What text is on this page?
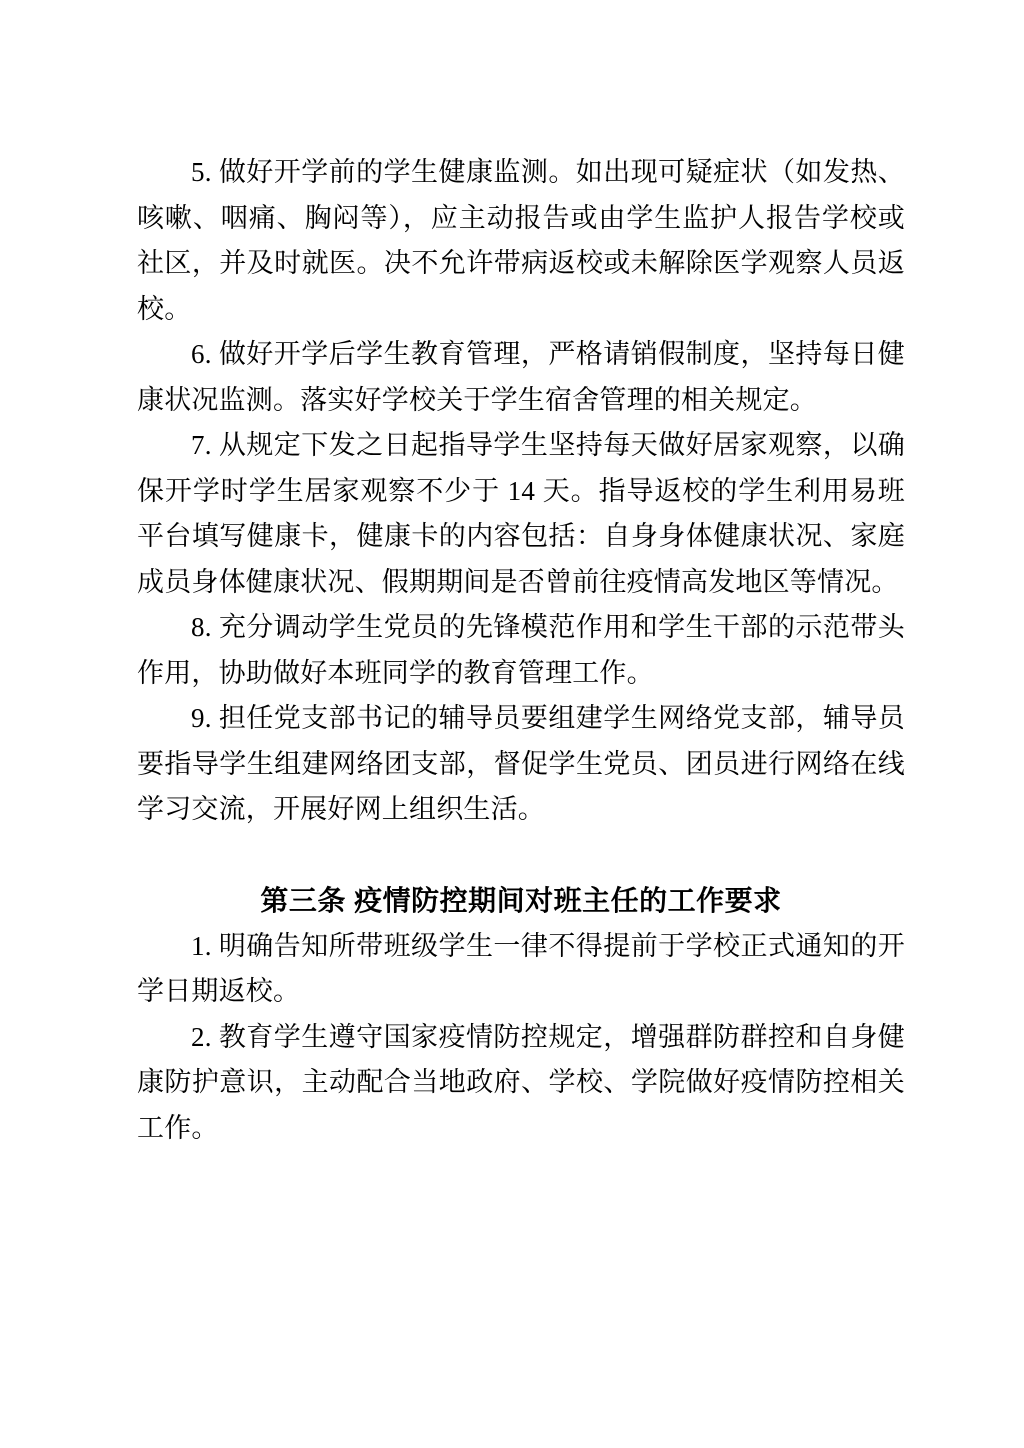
5. 做好开学前的学生健康监测。如出现可疑症状（如发热、咳嗽、咽痛、胸闷等），应主动报告或由学生监护人报告学校或社区，并及时就医。决不允许带病返校或未解除医学观察人员返校。

6. 做好开学后学生教育管理，严格请销假制度，坚持每日健康状况监测。落实好学校关于学生宿舍管理的相关规定。

7. 从规定下发之日起指导学生坚持每天做好居家观察，以确保开学时学生居家观察不少于 14 天。指导返校的学生利用易班平台填写健康卡，健康卡的内容包括：自身身体健康状况、家庭成员身体健康状况、假期期间是否曾前往疫情高发地区等情况。

8. 充分调动学生党员的先锋模范作用和学生干部的示范带头作用，协助做好本班同学的教育管理工作。

9. 担任党支部书记的辅导员要组建学生网络党支部，辅导员要指导学生组建网络团支部，督促学生党员、团员进行网络在线学习交流，开展好网上组织生活。

第三条 疫情防控期间对班主任的工作要求

1. 明确告知所带班级学生一律不得提前于学校正式通知的开学日期返校。

2. 教育学生遵守国家疫情防控规定，增强群防群控和自身健康防护意识，主动配合当地政府、学校、学院做好疫情防控相关工作。
